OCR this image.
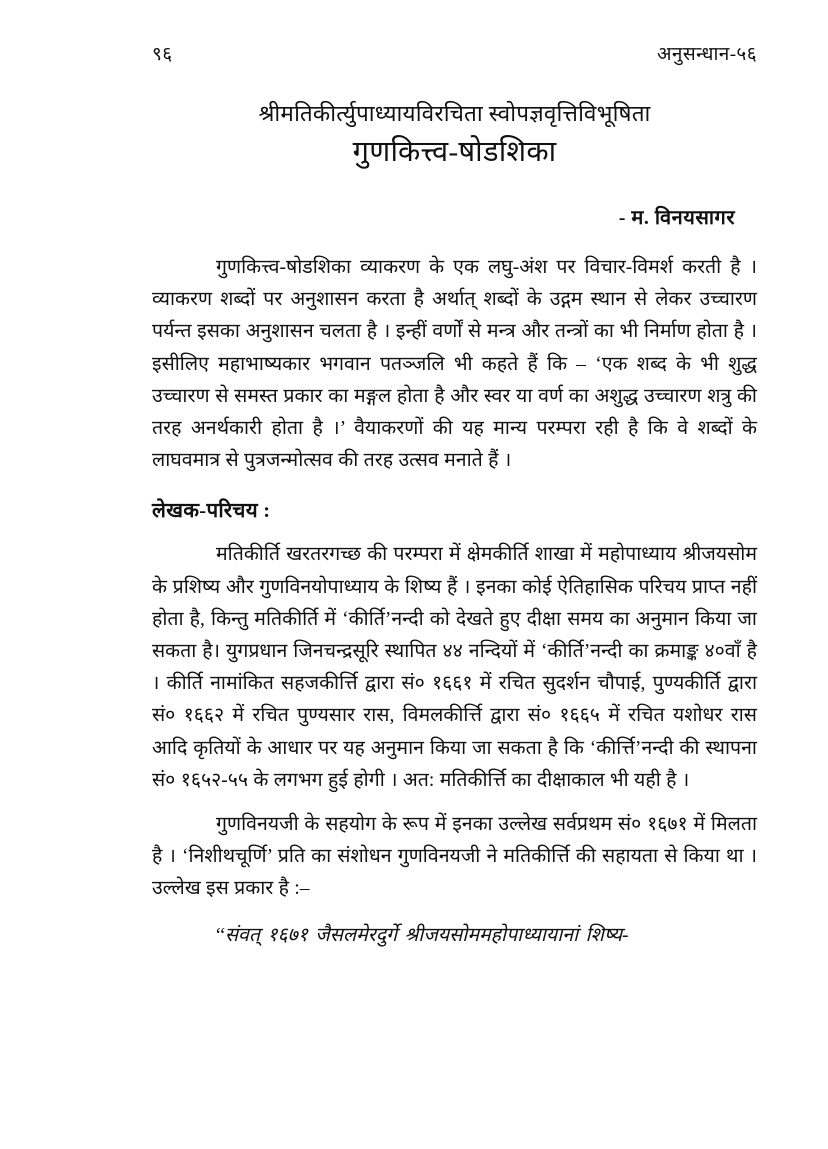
९६	अनुसन्धान-५६
श्रीमतिकीर्त्युपाध्यायविरचिता स्वोपज्ञवृत्तिविभूषिता
गुणकित्त्व-षोडशिका
- म. विनयसागर

गुणकित्त्व-षोडशिका व्याकरण के एक लघु-अंश पर विचार-विमर्श करती है । व्याकरण शब्दों पर अनुशासन करता है अर्थात् शब्दों के उद्गम स्थान से लेकर उच्चारण पर्यन्त इसका अनुशासन चलता है । इन्हीं वर्णों से मन्त्र और तन्त्रों का भी निर्माण होता है । इसीलिए महाभाष्यकार भगवान पतञ्जलि भी कहते हैं कि – ‘एक शब्द के भी शुद्ध उच्चारण से समस्त प्रकार का मङ्गल होता है और स्वर या वर्ण का अशुद्ध उच्चारण शत्रु की तरह अनर्थकारी होता है ।’ वैयाकरणों की यह मान्य परम्परा रही है कि वे शब्दों के लाघवमात्र से पुत्रजन्मोत्सव की तरह उत्सव मनाते हैं ।

लेखक-परिचय :

मतिकीर्ति खरतरगच्छ की परम्परा में क्षेमकीर्ति शाखा में महोपाध्याय श्रीजयसोम के प्रशिष्य और गुणविनयोपाध्याय के शिष्य हैं । इनका कोई ऐतिहासिक परिचय प्राप्त नहीं होता है, किन्तु मतिकीर्ति में ‘कीर्ति’नन्दी को देखते हुए दीक्षा समय का अनुमान किया जा सकता है। युगप्रधान जिनचन्द्रसूरि स्थापित ४४ नन्दियों में ‘कीर्ति’नन्दी का क्रमाङ्क ४०वाँ है । कीर्ति नामांकित सहजकीर्त्ति द्वारा सं० १६६१ में रचित सुदर्शन चौपाई, पुण्यकीर्ति द्वारा सं० १६६२ में रचित पुण्यसार रास, विमलकीर्त्ति द्वारा सं० १६६५ में रचित यशोधर रास आदि कृतियों के आधार पर यह अनुमान किया जा सकता है कि ‘कीर्त्ति’नन्दी की स्थापना सं० १६५२-५५ के लगभग हुई होगी । अत: मतिकीर्त्ति का दीक्षाकाल भी यही है ।

गुणविनयजी के सहयोग के रूप में इनका उल्लेख सर्वप्रथम सं० १६७१ में मिलता है । ‘निशीथचूर्णि’ प्रति का संशोधन गुणविनयजी ने मतिकीर्त्ति की सहायता से किया था । उल्लेख इस प्रकार है :–

‘‘संवत् १६७१ जैसलमेरदुर्गे श्रीजयसोममहोपाध्यायानां शिष्य-
